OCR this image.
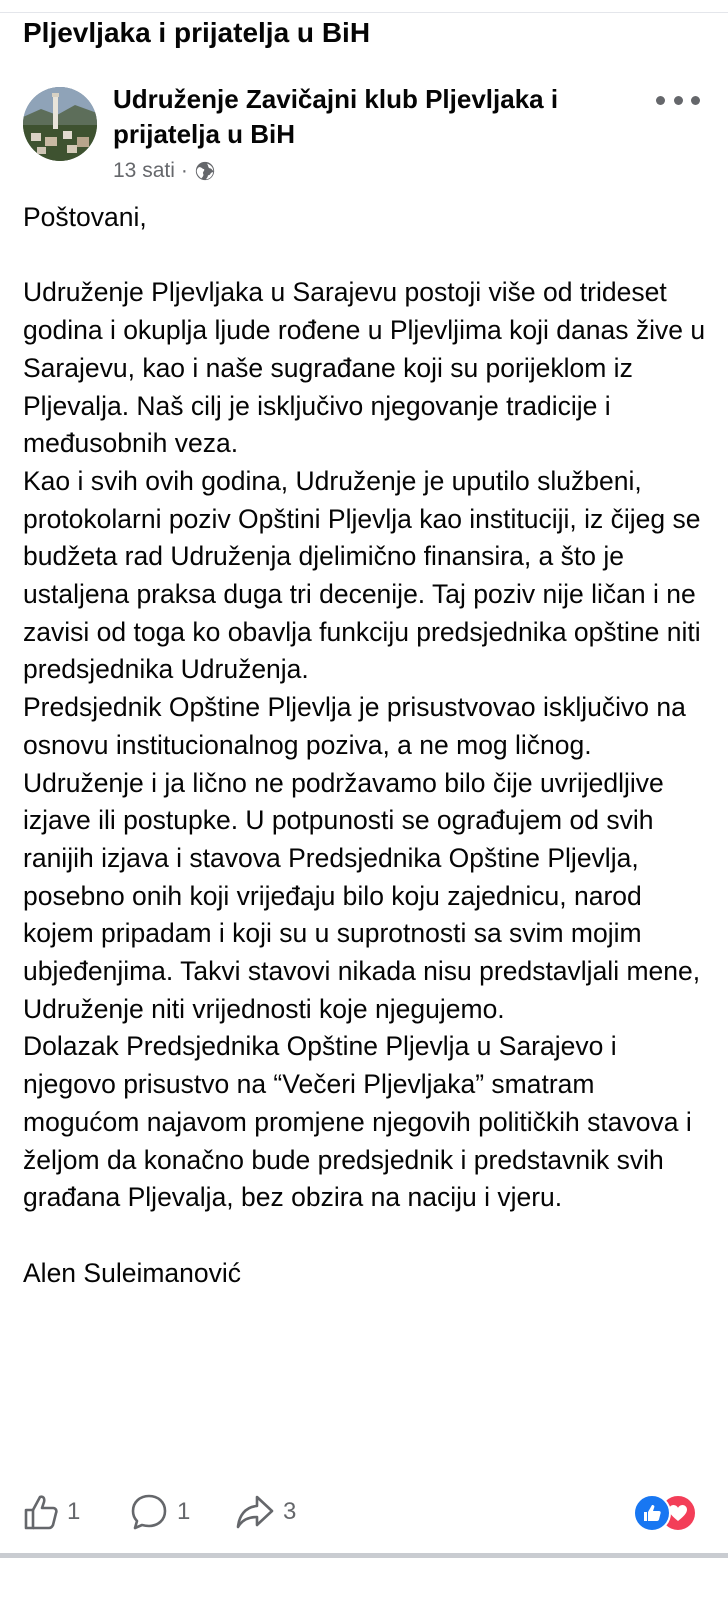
Pljevljaka i prijatelja u BiH
Udruženje Zavičajni klub Pljevljaka i prijatelja u BiH
13 sati ·
Poštovani,

Udruženje Pljevljaka u Sarajevu postoji više od trideset godina i okuplja ljude rođene u Pljevljima koji danas žive u Sarajevu, kao i naše sugrađane koji su porijeklom iz Pljevalja. Naš cilj je isključivo njegovanje tradicije i međusobnih veza.
Kao i svih ovih godina, Udruženje je uputilo službeni, protokolarni poziv Opštini Pljevlja kao instituciji, iz čijeg se budžeta rad Udruženja djelimično finansira, a što je ustaljena praksa duga tri decenije. Taj poziv nije ličan i ne zavisi od toga ko obavlja funkciju predsjednika opštine niti predsjednika Udruženja.
Predsjednik Opštine Pljevlja je prisustvovao isključivo na osnovu institucionalnog poziva, a ne mog ličnog.
Udruženje i ja lično ne podržavamo bilo čije uvrijedljive izjave ili postupke. U potpunosti se ograđujem od svih ranijih izjava i stavova Predsjednika Opštine Pljevlja, posebno onih koji vrijeđaju bilo koju zajednicu, narod kojem pripadam i koji su u suprotnosti sa svim mojim ubjeđenjima. Takvi stavovi nikada nisu predstavljali mene, Udruženje niti vrijednosti koje njegujemo.
Dolazak Predsjednika Opštine Pljevlja u Sarajevo i njegovo prisustvo na “Večeri Pljevljaka” smatram mogućom najavom promjene njegovih političkih stavova i željom da konačno bude predsjednik i predstavnik svih građana Pljevalja, bez obzira na naciju i vjeru.

Alen Suleimanović
1	1	3
